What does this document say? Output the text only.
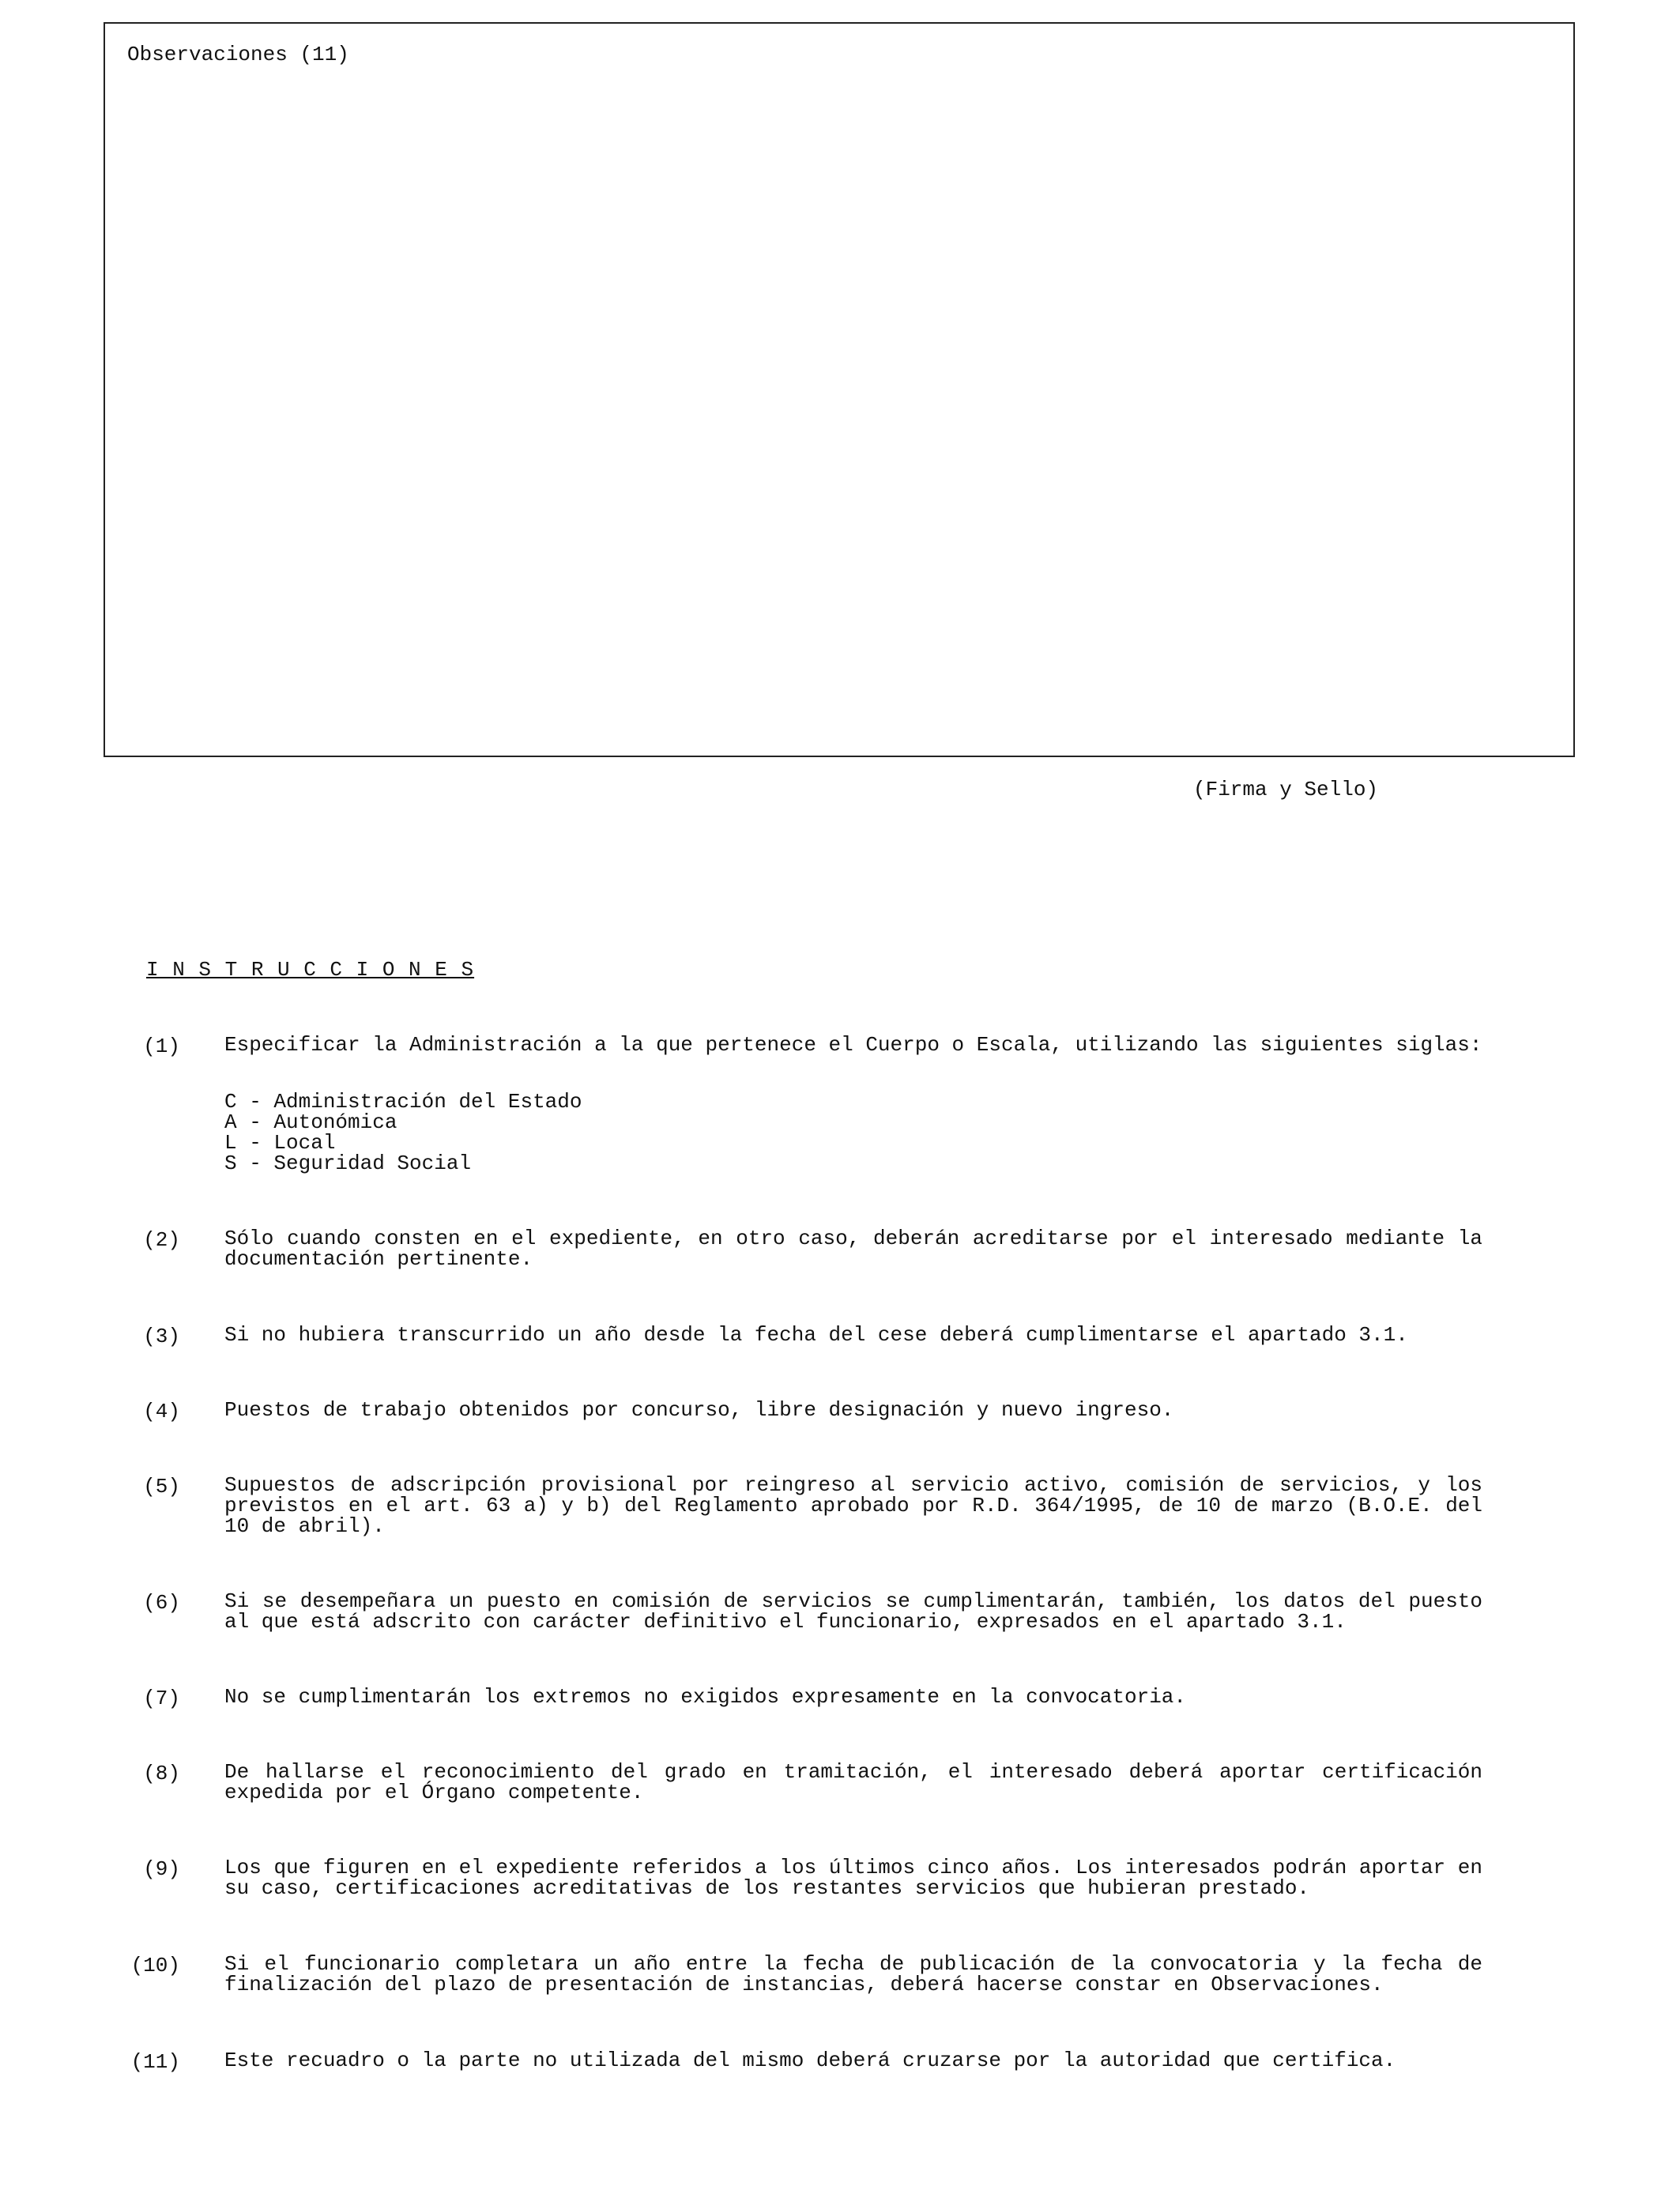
Observaciones (11)
(Firma y Sello)
I N S T R U C C I O N E S
(1) Especificar la Administración a la que pertenece el Cuerpo o Escala, utilizando las siguientes siglas:
C - Administración del Estado
A - Autonómica
L - Local
S - Seguridad Social
(2) Sólo cuando consten en el expediente, en otro caso, deberán acreditarse por el interesado mediante la documentación pertinente.
(3) Si no hubiera transcurrido un año desde la fecha del cese deberá cumplimentarse el apartado 3.1.
(4) Puestos de trabajo obtenidos por concurso, libre designación y nuevo ingreso.
(5) Supuestos de adscripción provisional por reingreso al servicio activo, comisión de servicios, y los previstos en el art. 63 a) y b) del Reglamento aprobado por R.D. 364/1995, de 10 de marzo (B.O.E. del 10 de abril).
(6) Si se desempeñara un puesto en comisión de servicios se cumplimentarán, también, los datos del puesto al que está adscrito con carácter definitivo el funcionario, expresados en el apartado 3.1.
(7) No se cumplimentarán los extremos no exigidos expresamente en la convocatoria.
(8) De hallarse el reconocimiento del grado en tramitación, el interesado deberá aportar certificación expedida por el Órgano competente.
(9) Los que figuren en el expediente referidos a los últimos cinco años. Los interesados podrán aportar en su caso, certificaciones acreditativas de los restantes servicios que hubieran prestado.
(10) Si el funcionario completara un año entre la fecha de publicación de la convocatoria y la fecha de finalización del plazo de presentación de instancias, deberá hacerse constar en Observaciones.
(11) Este recuadro o la parte no utilizada del mismo deberá cruzarse por la autoridad que certifica.
